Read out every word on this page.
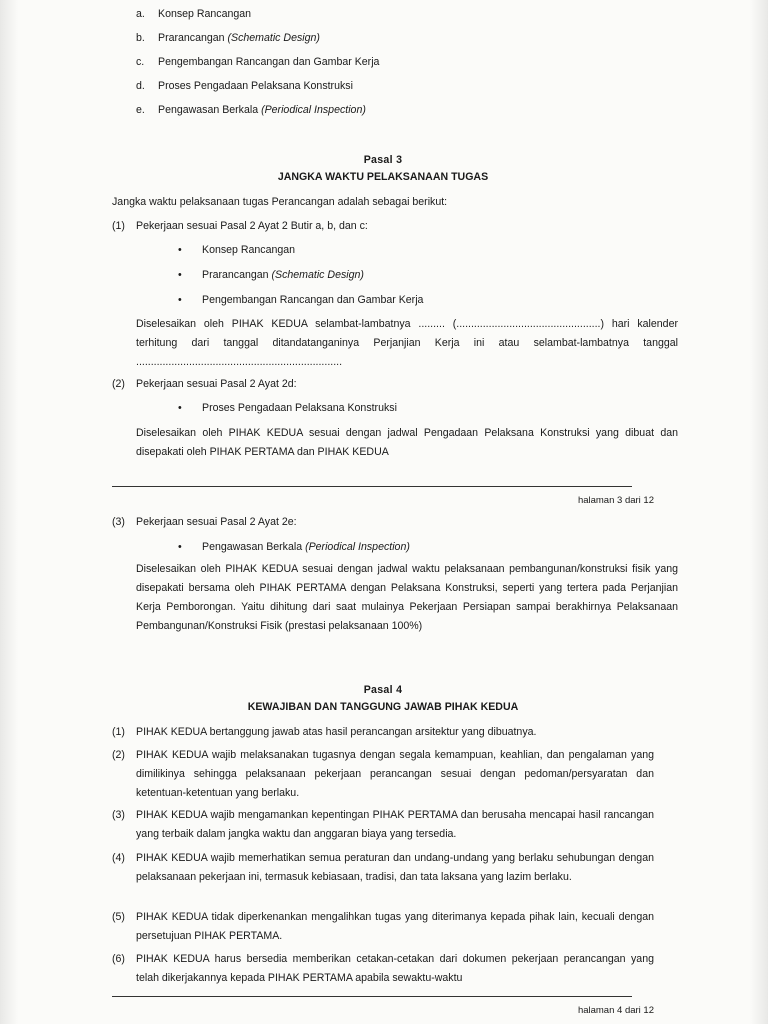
a.	Konsep Rancangan
b.	Prarancangan (Schematic Design)
c.	Pengembangan Rancangan dan Gambar Kerja
d.	Proses Pengadaan Pelaksana Konstruksi
e.	Pengawasan Berkala (Periodical Inspection)
Pasal 3
JANGKA WAKTU PELAKSANAAN TUGAS
Jangka waktu pelaksanaan tugas Perancangan adalah sebagai berikut:
(1)	Pekerjaan sesuai Pasal 2 Ayat 2 Butir a, b, dan c:
•	Konsep Rancangan
•	Prarancangan (Schematic Design)
•	Pengembangan Rancangan dan Gambar Kerja
Diselesaikan oleh PIHAK KEDUA selambat-lambatnya ......... (.................................................) hari kalender terhitung dari tanggal ditandatanganinya Perjanjian Kerja ini atau selambat-lambatnya tanggal ......................................................................
(2)	Pekerjaan sesuai Pasal 2 Ayat 2d:
•	Proses Pengadaan Pelaksana Konstruksi
Diselesaikan oleh PIHAK KEDUA sesuai dengan jadwal Pengadaan Pelaksana Konstruksi yang dibuat dan disepakati oleh PIHAK PERTAMA dan PIHAK KEDUA
halaman 3 dari 12
(3)	Pekerjaan sesuai Pasal 2 Ayat 2e:
•	Pengawasan Berkala (Periodical Inspection)
Diselesaikan oleh PIHAK KEDUA sesuai dengan jadwal waktu pelaksanaan pembangunan/konstruksi fisik yang disepakati bersama oleh PIHAK PERTAMA dengan Pelaksana Konstruksi, seperti yang tertera pada Perjanjian Kerja Pemborongan. Yaitu dihitung dari saat mulainya Pekerjaan Persiapan sampai berakhirnya Pelaksanaan Pembangunan/Konstruksi Fisik (prestasi pelaksanaan 100%)
Pasal 4
KEWAJIBAN DAN TANGGUNG JAWAB PIHAK KEDUA
(1)	PIHAK KEDUA bertanggung jawab atas hasil perancangan arsitektur yang dibuatnya.
(2)	PIHAK KEDUA wajib melaksanakan tugasnya dengan segala kemampuan, keahlian, dan pengalaman yang dimilikinya sehingga pelaksanaan pekerjaan perancangan sesuai dengan pedoman/persyaratan dan ketentuan-ketentuan yang berlaku.
(3)	PIHAK KEDUA wajib mengamankan kepentingan PIHAK PERTAMA dan berusaha mencapai hasil rancangan yang terbaik dalam jangka waktu dan anggaran biaya yang tersedia.
(4)	PIHAK KEDUA wajib memerhatikan semua peraturan dan undang-undang yang berlaku sehubungan dengan pelaksanaan pekerjaan ini, termasuk kebiasaan, tradisi, dan tata laksana yang lazim berlaku.
(5)	PIHAK KEDUA tidak diperkenankan mengalihkan tugas yang diterimanya kepada pihak lain, kecuali dengan persetujuan PIHAK PERTAMA.
(6)	PIHAK KEDUA harus bersedia memberikan cetakan-cetakan dari dokumen pekerjaan perancangan yang telah dikerjakannya kepada PIHAK PERTAMA apabila sewaktu-waktu
halaman 4 dari 12
